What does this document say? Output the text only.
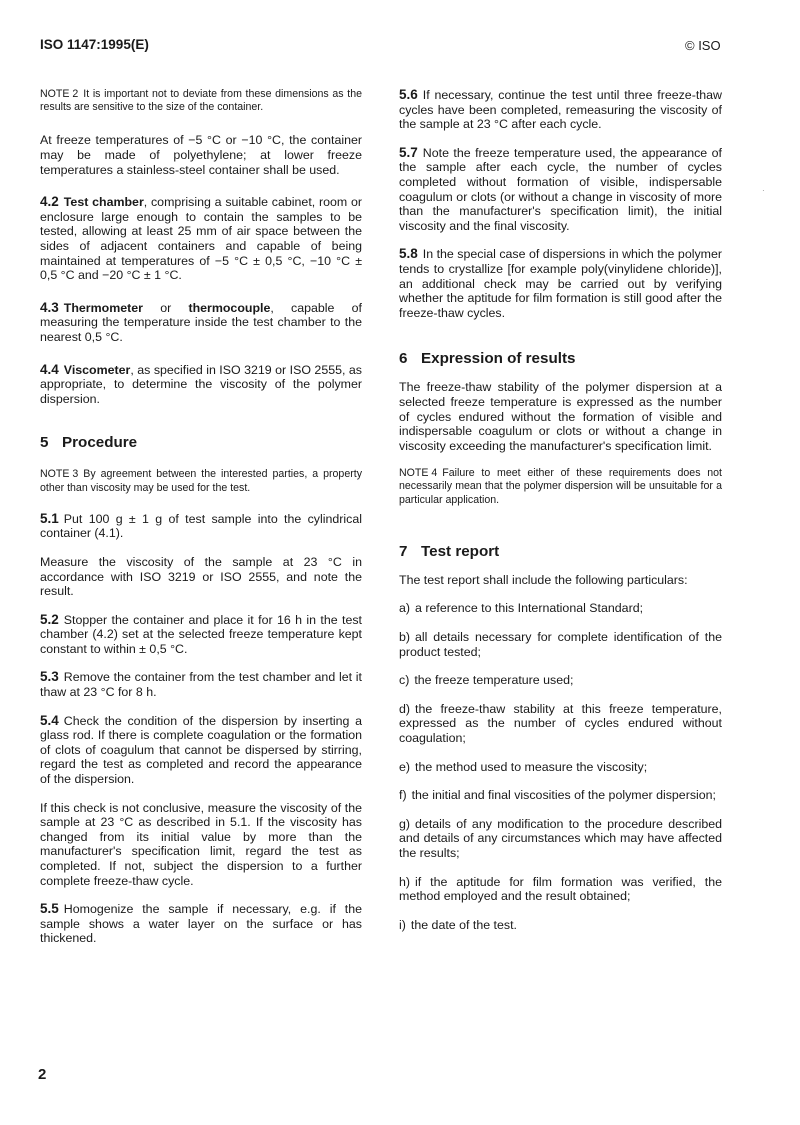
ISO 1147:1995(E)	© ISO
·

NOTE 2 It is important not to deviate from these dimensions as the results are sensitive to the size of the container.

At freeze temperatures of −5 °C or −10 °C, the container may be made of polyethylene; at lower freeze temperatures a stainless-steel container shall be used.

4.2 Test chamber, comprising a suitable cabinet, room or enclosure large enough to contain the samples to be tested, allowing at least 25 mm of air space between the sides of adjacent containers and capable of being maintained at temperatures of −5 °C ± 0,5 °C, −10 °C ± 0,5 °C and −20 °C ± 1 °C.

4.3 Thermometer or thermocouple, capable of measuring the temperature inside the test chamber to the nearest 0,5 °C.

4.4 Viscometer, as specified in ISO 3219 or ISO 2555, as appropriate, to determine the viscosity of the polymer dispersion.

5 Procedure

NOTE 3 By agreement between the interested parties, a property other than viscosity may be used for the test.

5.1 Put 100 g ± 1 g of test sample into the cylindrical container (4.1).

Measure the viscosity of the sample at 23 °C in accordance with ISO 3219 or ISO 2555, and note the result.

5.2 Stopper the container and place it for 16 h in the test chamber (4.2) set at the selected freeze temperature kept constant to within ± 0,5 °C.

5.3 Remove the container from the test chamber and let it thaw at 23 °C for 8 h.

5.4 Check the condition of the dispersion by inserting a glass rod. If there is complete coagulation or the formation of clots of coagulum that cannot be dispersed by stirring, regard the test as completed and record the appearance of the dispersion.

If this check is not conclusive, measure the viscosity of the sample at 23 °C as described in 5.1. If the viscosity has changed from its initial value by more than the manufacturer's specification limit, regard the test as completed. If not, subject the dispersion to a further complete freeze-thaw cycle.

5.5 Homogenize the sample if necessary, e.g. if the sample shows a water layer on the surface or has thickened.

5.6 If necessary, continue the test until three freeze-thaw cycles have been completed, remeasuring the viscosity of the sample at 23 °C after each cycle.

5.7 Note the freeze temperature used, the appearance of the sample after each cycle, the number of cycles completed without formation of visible, indispersable coagulum or clots (or without a change in viscosity of more than the manufacturer's specification limit), the initial viscosity and the final viscosity.

5.8 In the special case of dispersions in which the polymer tends to crystallize [for example poly(vinylidene chloride)], an additional check may be carried out by verifying whether the aptitude for film formation is still good after the freeze-thaw cycles.

6 Expression of results

The freeze-thaw stability of the polymer dispersion at a selected freeze temperature is expressed as the number of cycles endured without the formation of visible and indispersable coagulum or clots or without a change in viscosity exceeding the manufacturer's specification limit.

NOTE 4 Failure to meet either of these requirements does not necessarily mean that the polymer dispersion will be unsuitable for a particular application.

7 Test report

The test report shall include the following particulars:

a) a reference to this International Standard;

b) all details necessary for complete identification of the product tested;

c) the freeze temperature used;

d) the freeze-thaw stability at this freeze temperature, expressed as the number of cycles endured without coagulation;

e) the method used to measure the viscosity;

f) the initial and final viscosities of the polymer dispersion;

g) details of any modification to the procedure described and details of any circumstances which may have affected the results;

h) if the aptitude for film formation was verified, the method employed and the result obtained;

i) the date of the test.

2
